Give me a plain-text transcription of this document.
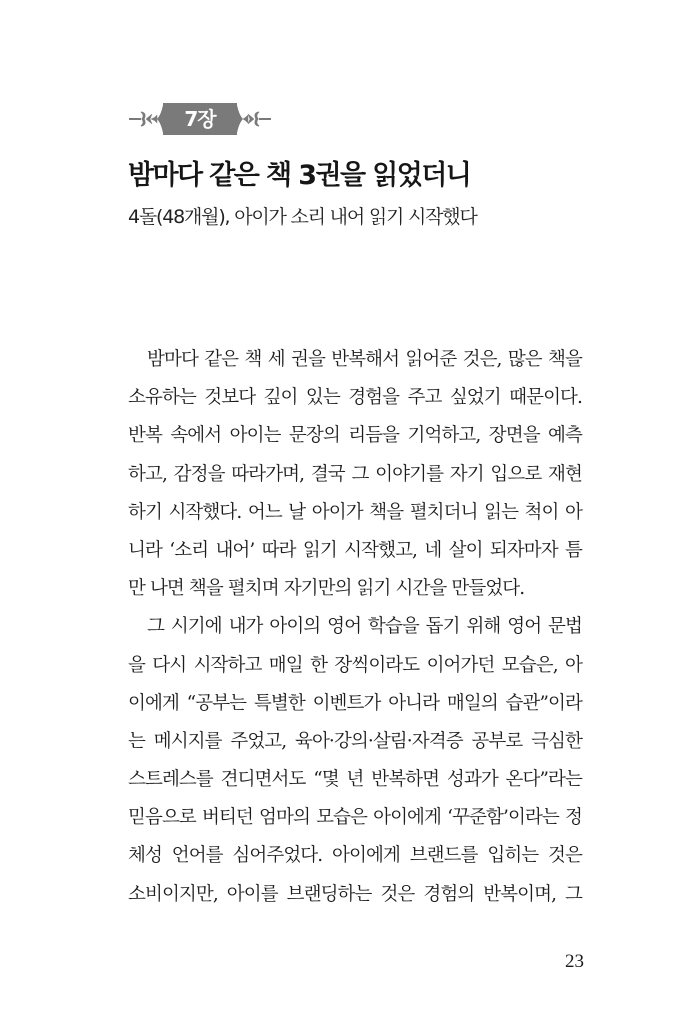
7장
밤마다 같은 책 3권을 읽었더니
4돌(48개월), 아이가 소리 내어 읽기 시작했다
밤마다 같은 책 세 권을 반복해서 읽어준 것은, 많은 책을
소유하는 것보다 깊이 있는 경험을 주고 싶었기 때문이다.
반복 속에서 아이는 문장의 리듬을 기억하고, 장면을 예측
하고, 감정을 따라가며, 결국 그 이야기를 자기 입으로 재현
하기 시작했다. 어느 날 아이가 책을 펼치더니 읽는 척이 아
니라 ‘소리 내어’ 따라 읽기 시작했고, 네 살이 되자마자 틈
만 나면 책을 펼치며 자기만의 읽기 시간을 만들었다.
그 시기에 내가 아이의 영어 학습을 돕기 위해 영어 문법
을 다시 시작하고 매일 한 장씩이라도 이어가던 모습은, 아
이에게 “공부는 특별한 이벤트가 아니라 매일의 습관”이라
는 메시지를 주었고, 육아·강의·살림·자격증 공부로 극심한
스트레스를 견디면서도 “몇 년 반복하면 성과가 온다”라는
믿음으로 버티던 엄마의 모습은 아이에게 ‘꾸준함’이라는 정
체성 언어를 심어주었다. 아이에게 브랜드를 입히는 것은
소비이지만, 아이를 브랜딩하는 것은 경험의 반복이며, 그
23
